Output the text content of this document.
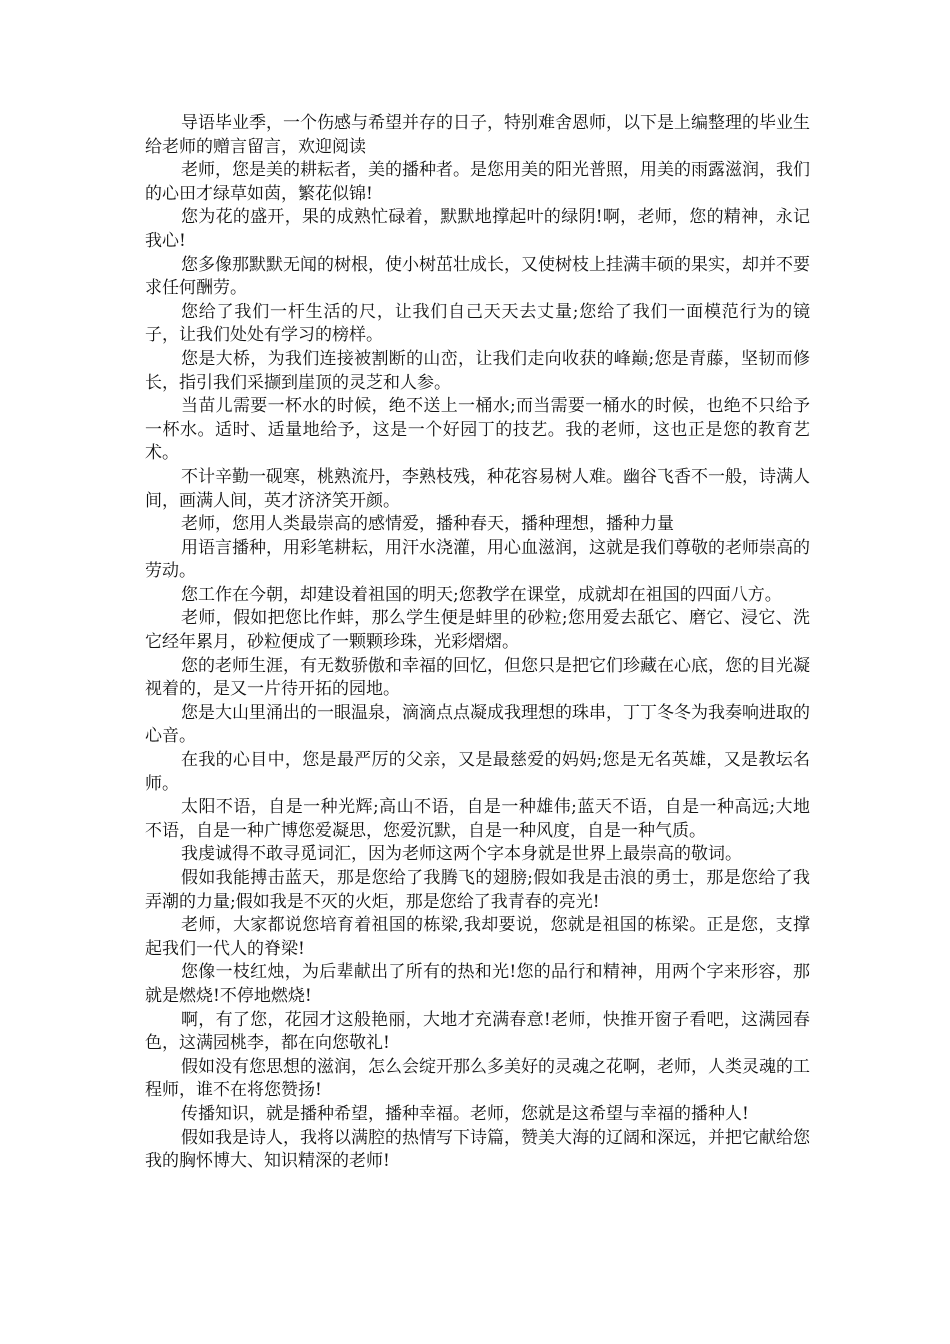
导语毕业季，一个伤感与希望并存的日子，特别难舍恩师，以下是上编整理的毕业生给老师的赠言留言，欢迎阅读

老师，您是美的耕耘者，美的播种者。是您用美的阳光普照，用美的雨露滋润，我们的心田才绿草如茵，繁花似锦!

您为花的盛开，果的成熟忙碌着，默默地撑起叶的绿阴!啊，老师，您的精神，永记我心!

您多像那默默无闻的树根，使小树茁壮成长，又使树枝上挂满丰硕的果实，却并不要求任何酬劳。

您给了我们一杆生活的尺，让我们自己天天去丈量;您给了我们一面模范行为的镜子，让我们处处有学习的榜样。

您是大桥，为我们连接被割断的山峦，让我们走向收获的峰巅;您是青藤，坚韧而修长，指引我们采撷到崖顶的灵芝和人参。

当苗儿需要一杯水的时候，绝不送上一桶水;而当需要一桶水的时候，也绝不只给予一杯水。适时、适量地给予，这是一个好园丁的技艺。我的老师，这也正是您的教育艺术。

不计辛勤一砚寒，桃熟流丹，李熟枝残，种花容易树人难。幽谷飞香不一般，诗满人间，画满人间，英才济济笑开颜。

老师，您用人类最崇高的感情爱，播种春天，播种理想，播种力量

用语言播种，用彩笔耕耘，用汗水浇灌，用心血滋润，这就是我们尊敬的老师崇高的劳动。

您工作在今朝，却建设着祖国的明天;您教学在课堂，成就却在祖国的四面八方。

老师，假如把您比作蚌，那么学生便是蚌里的砂粒;您用爱去舐它、磨它、浸它、洗它经年累月，砂粒便成了一颗颗珍珠，光彩熠熠。

您的老师生涯，有无数骄傲和幸福的回忆，但您只是把它们珍藏在心底，您的目光凝视着的，是又一片待开拓的园地。

您是大山里涌出的一眼温泉，滴滴点点凝成我理想的珠串，丁丁冬冬为我奏响进取的心音。

在我的心目中，您是最严厉的父亲，又是最慈爱的妈妈;您是无名英雄，又是教坛名师。

太阳不语，自是一种光辉;高山不语，自是一种雄伟;蓝天不语，自是一种高远;大地不语，自是一种广博您爱凝思，您爱沉默，自是一种风度，自是一种气质。

我虔诚得不敢寻觅词汇，因为老师这两个字本身就是世界上最崇高的敬词。

假如我能搏击蓝天，那是您给了我腾飞的翅膀;假如我是击浪的勇士，那是您给了我弄潮的力量;假如我是不灭的火炬，那是您给了我青春的亮光!

老师，大家都说您培育着祖国的栋梁,我却要说，您就是祖国的栋梁。正是您，支撑起我们一代人的脊梁!

您像一枝红烛，为后辈献出了所有的热和光!您的品行和精神，用两个字来形容，那就是燃烧!不停地燃烧!

啊，有了您，花园才这般艳丽，大地才充满春意!老师，快推开窗子看吧，这满园春色，这满园桃李，都在向您敬礼!

假如没有您思想的滋润，怎么会绽开那么多美好的灵魂之花啊，老师，人类灵魂的工程师，谁不在将您赞扬!

传播知识，就是播种希望，播种幸福。老师，您就是这希望与幸福的播种人!

假如我是诗人，我将以满腔的热情写下诗篇，赞美大海的辽阔和深远，并把它献给您我的胸怀博大、知识精深的老师!
